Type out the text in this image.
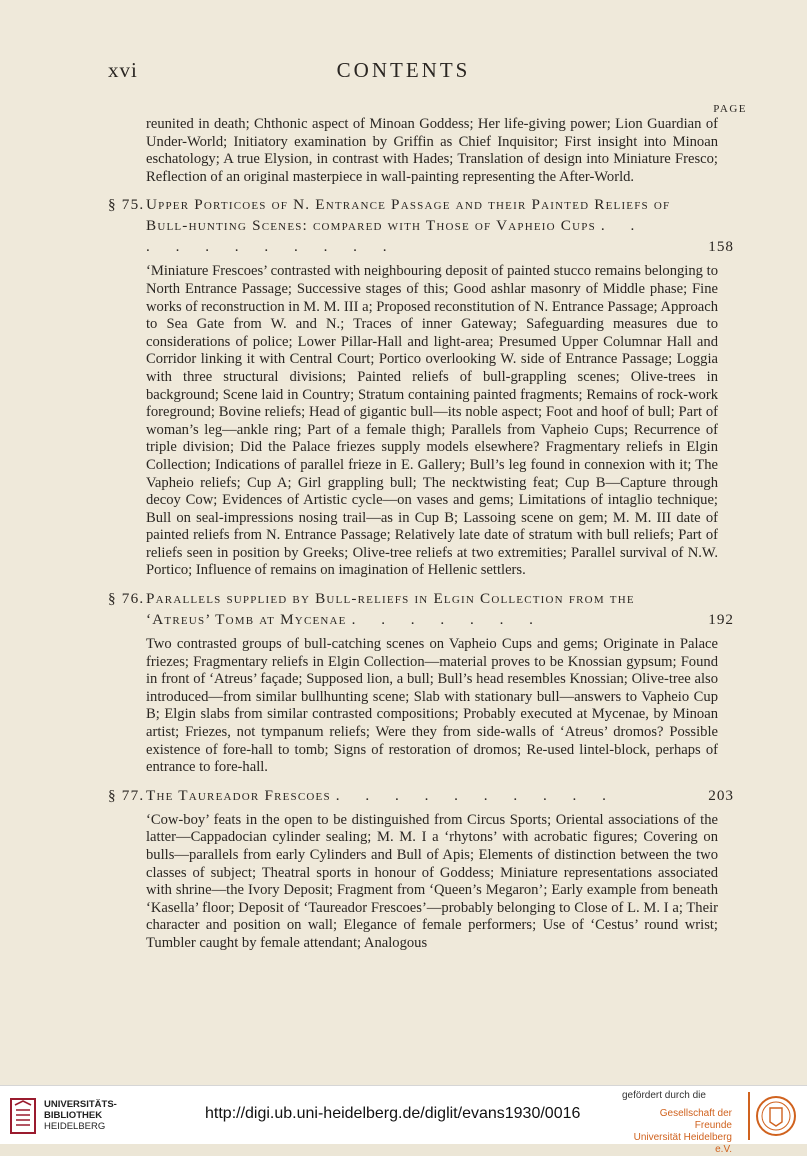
xvi	CONTENTS
PAGE

reunited in death; Chthonic aspect of Minoan Goddess; Her life-giving power; Lion Guardian of Under-World; Initiatory examination by Griffin as Chief Inquisitor; First insight into Minoan eschatology; A true Elysion, in contrast with Hades; Translation of design into Miniature Fresco; Reflection of an original masterpiece in wall-painting representing the After-World.

§ 75. Upper Porticoes of N. Entrance Passage and their Painted Reliefs of Bull-hunting Scenes: compared with Those of Vapheio Cups . . . . . . . . . . .	158

‘Miniature Frescoes’ contrasted with neighbouring deposit of painted stucco remains belonging to North Entrance Passage; Successive stages of this; Good ashlar masonry of Middle phase; Fine works of reconstruction in M. M. III a; Proposed reconstitution of N. Entrance Passage; Approach to Sea Gate from W. and N.; Traces of inner Gateway; Safeguarding measures due to considerations of police; Lower Pillar-Hall and light-area; Presumed Upper Columnar Hall and Corridor linking it with Central Court; Portico overlooking W. side of Entrance Passage; Loggia with three structural divisions; Painted reliefs of bull-grappling scenes; Olive-trees in background; Scene laid in Country; Stratum containing painted fragments; Remains of rock-work foreground; Bovine reliefs; Head of gigantic bull—its noble aspect; Foot and hoof of bull; Part of woman’s leg—ankle ring; Part of a female thigh; Parallels from Vapheio Cups; Recurrence of triple division; Did the Palace friezes supply models elsewhere? Fragmentary reliefs in Elgin Collection; Indications of parallel frieze in E. Gallery; Bull’s leg found in connexion with it; The Vapheio reliefs; Cup A; Girl grappling bull; The necktwisting feat; Cup B—Capture through decoy Cow; Evidences of Artistic cycle—on vases and gems; Limitations of intaglio technique; Bull on seal-impressions nosing trail—as in Cup B; Lassoing scene on gem; M. M. III date of painted reliefs from N. Entrance Passage; Relatively late date of stratum with bull reliefs; Part of reliefs seen in position by Greeks; Olive-tree reliefs at two extremities; Parallel survival of N.W. Portico; Influence of remains on imagination of Hellenic settlers.

§ 76. Parallels supplied by Bull-reliefs in Elgin Collection from the ‘Atreus’ Tomb at Mycenae . . . . . . .	192

Two contrasted groups of bull-catching scenes on Vapheio Cups and gems; Originate in Palace friezes; Fragmentary reliefs in Elgin Collection—material proves to be Knossian gypsum; Found in front of ‘Atreus’ façade; Supposed lion, a bull; Bull’s head resembles Knossian; Olive-tree also introduced—from similar bullhunting scene; Slab with stationary bull—answers to Vapheio Cup B; Elgin slabs from similar contrasted compositions; Probably executed at Mycenae, by Minoan artist; Friezes, not tympanum reliefs; Were they from side-walls of ‘Atreus’ dromos? Possible existence of fore-hall to tomb; Signs of restoration of dromos; Re-used lintel-block, perhaps of entrance to fore-hall.

§ 77. The Taureador Frescoes . . . . . . . . . .	203

‘Cow-boy’ feats in the open to be distinguished from Circus Sports; Oriental associations of the latter—Cappadocian cylinder sealing; M. M. I a ‘rhytons’ with acrobatic figures; Covering on bulls—parallels from early Cylinders and Bull of Apis; Elements of distinction between the two classes of subject; Theatral sports in honour of Goddess; Miniature representations associated with shrine—the Ivory Deposit; Fragment from ‘Queen’s Megaron’; Early example from beneath ‘Kasella’ floor; Deposit of ‘Taureador Frescoes’—probably belonging to Close of L. M. I a; Their character and position on wall; Elegance of female performers; Use of ‘Cestus’ round wrist; Tumbler caught by female attendant; Analogous

UNIVERSITÄTS-
BIBLIOTHEK
HEIDELBERG
http://digi.ub.uni-heidelberg.de/diglit/evans1930/0016
gefördert durch die
Gesellschaft der Freunde
Universität Heidelberg e.V.
